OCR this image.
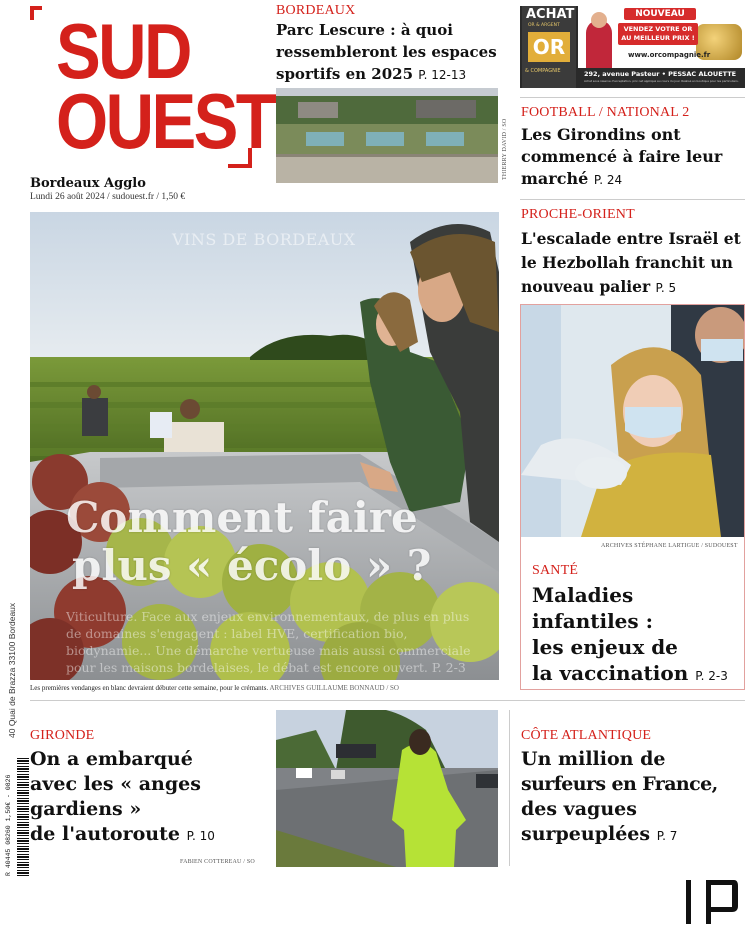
SUD
OUEST
Bordeaux Agglo
Lundi 26 août 2024 / sudouest.fr / 1,50 €
BORDEAUX
Parc Lescure : à quoi ressembleront les espaces sportifs en 2025 P. 12-13
THIERRY DAVID / SO
ACHAT
OR & ARGENT
OR
& COMPAGNIE
NOUVEAU
VENDEZ VOTRE OR AU MEILLEUR PRIX !
www.orcompagnie.fr
292, avenue Pasteur • PESSAC ALOUETTE
Achat sous réserve d'acceptation, prix net appliqué au cours du jour. Réalisé en boutique pour les particuliers.
FOOTBALL / NATIONAL 2
Les Girondins ont commencé à faire leur marché P. 24
PROCHE-ORIENT
L'escalade entre Israël et le Hezbollah franchit un nouveau palier P. 5
VINS DE BORDEAUX
Comment faire
plus « écolo » ?
Viticulture. Face aux enjeux environnementaux, de plus en plus de domaines s'engagent : label HVE, certification bio, biodynamie... Une démarche vertueuse mais aussi commerciale pour les maisons bordelaises, le débat est encore ouvert. P. 2-3
Les premières vendanges en blanc devraient débuter cette semaine, pour le crémants. ARCHIVES GUILLAUME BONNAUD / SO
ARCHIVES STÉPHANE LARTIGUE / SUDOUEST
SANTÉ
Maladies
infantiles :
les enjeux de
la vaccination P. 2-3
40 Quai de Brazza 33100 Bordeaux
R 40445 08260 1,50€ - 0826
GIRONDE
On a embarqué
avec les « anges
gardiens »
de l'autoroute P. 10
FABIEN COTTEREAU / SO
CÔTE ATLANTIQUE
Un million de
surfeurs en France,
des vagues
surpeuplées P. 7
